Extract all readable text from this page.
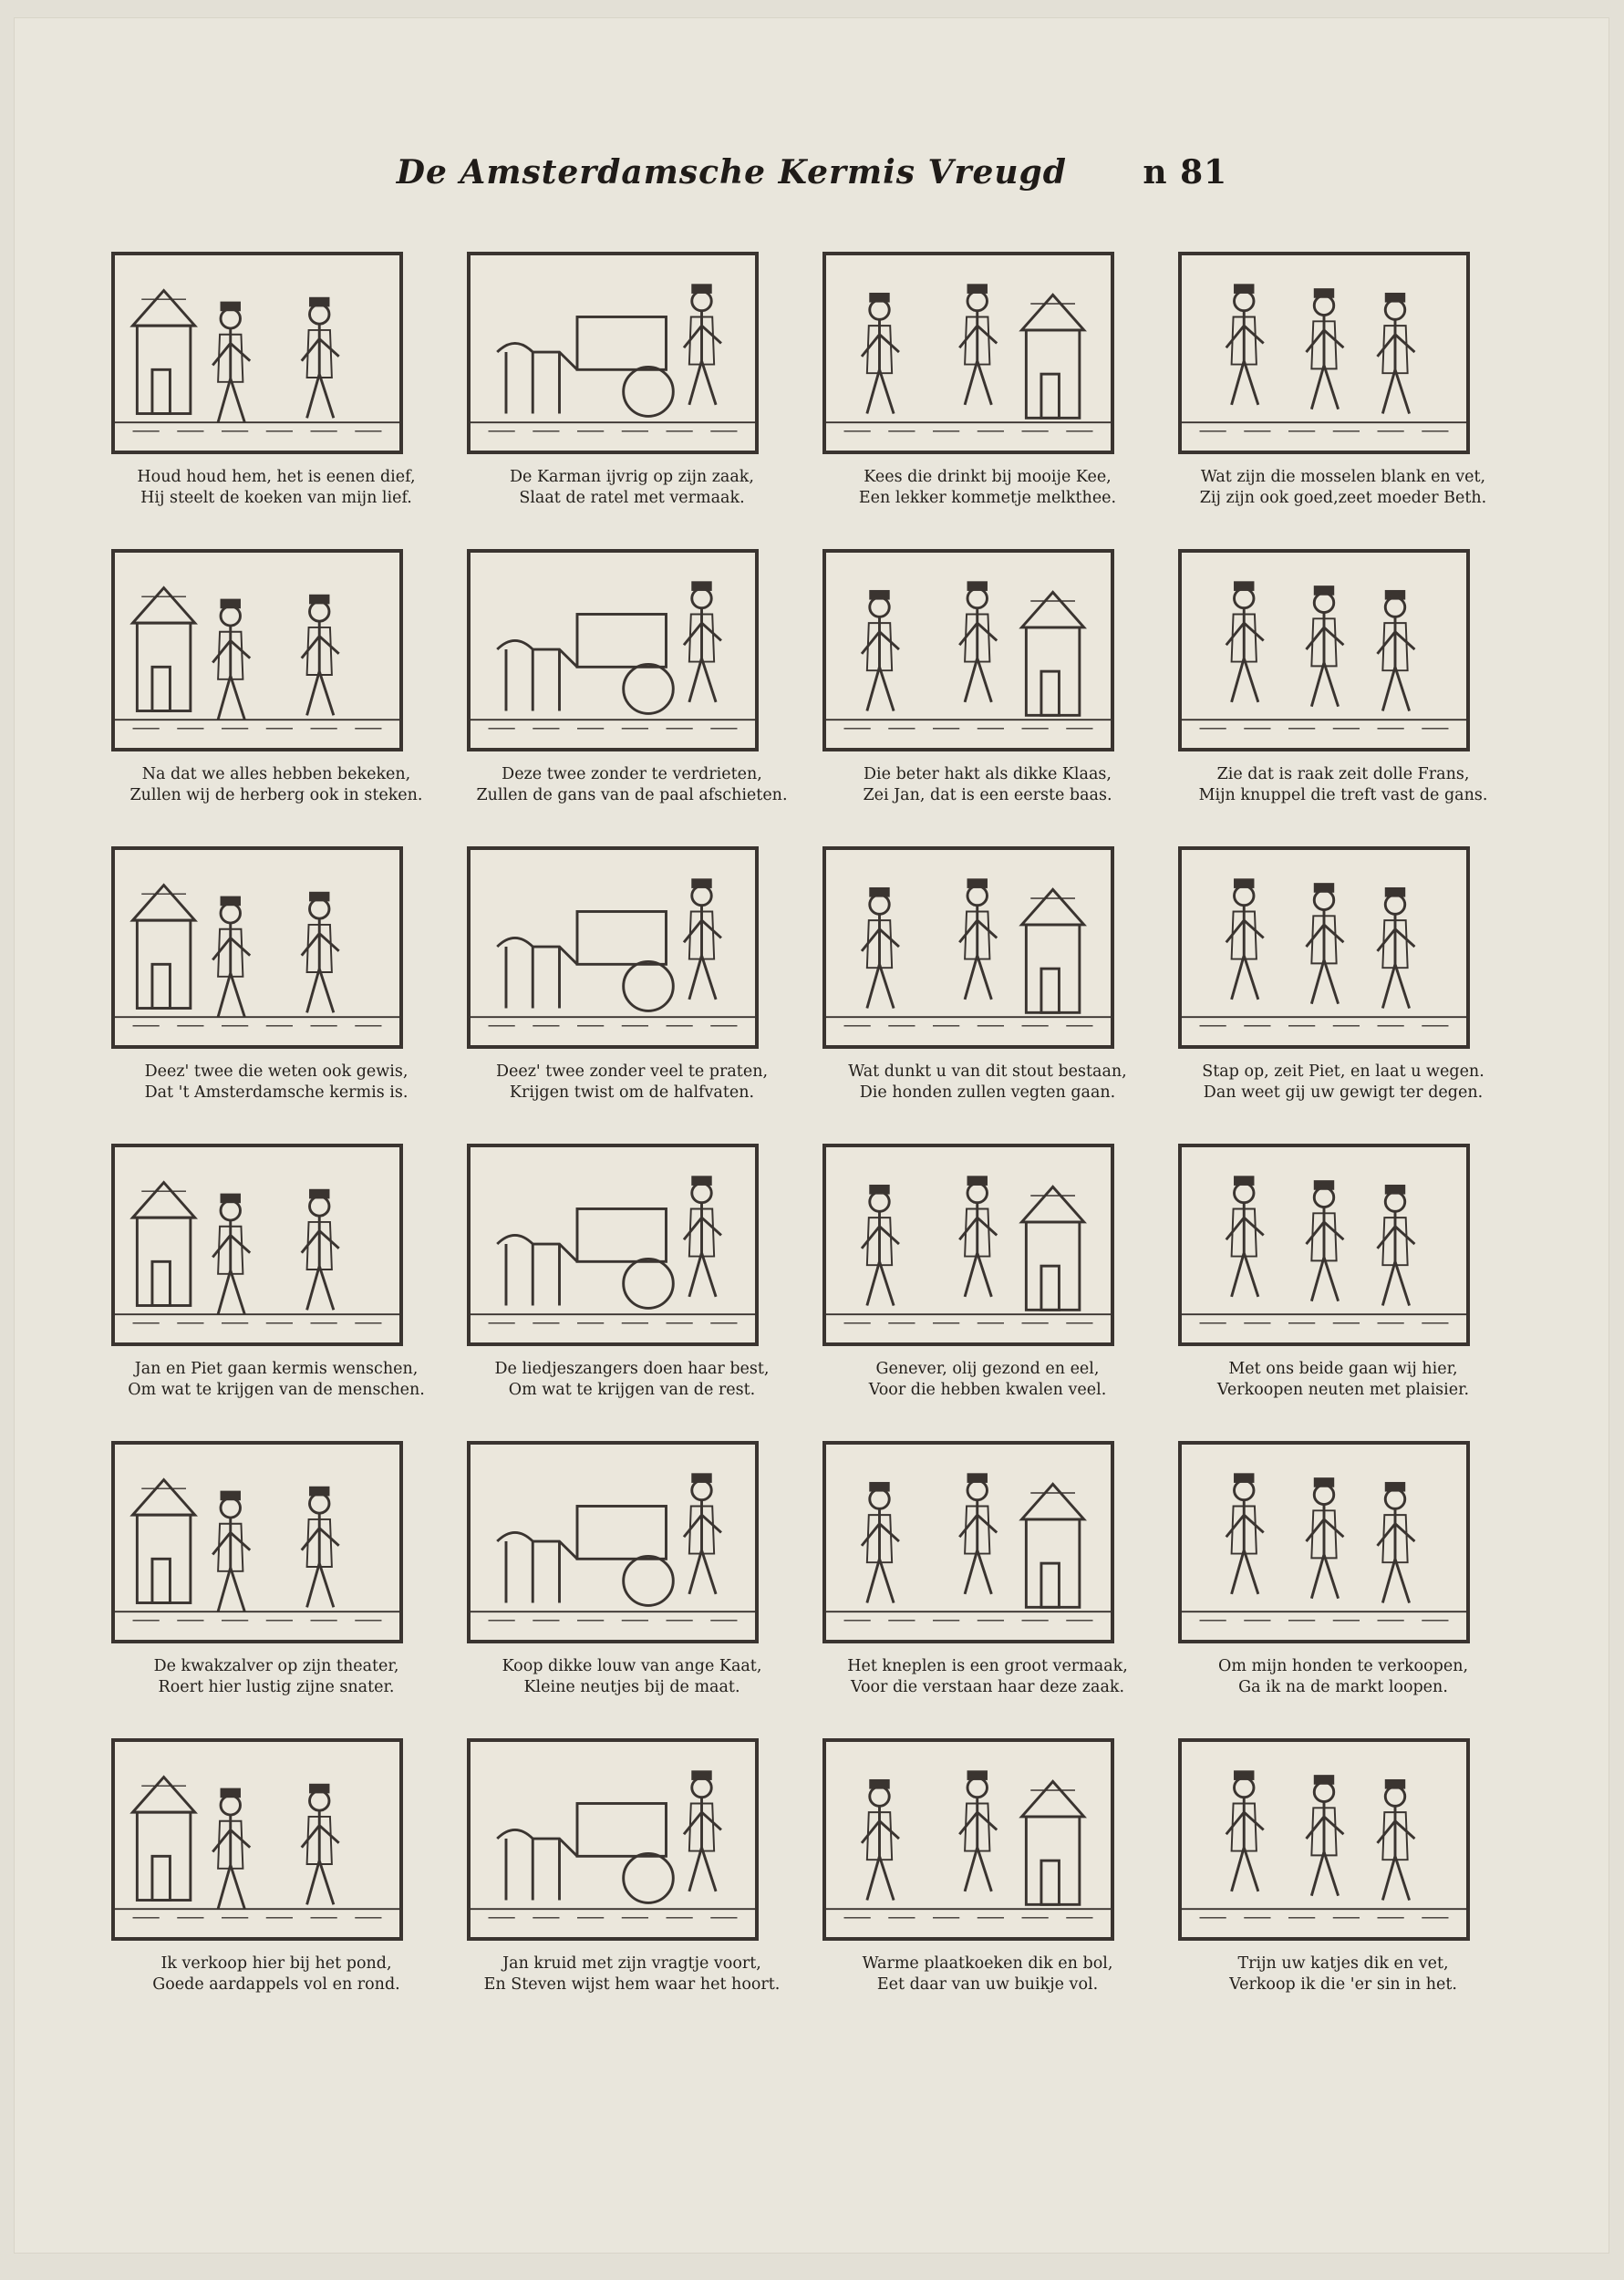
De Amsterdamsche Kermis Vreugd n 81
Houd houd hem, het is eenen dief,
Hij steelt de koeken van mijn lief.
De Karman ijvrig op zijn zaak,
Slaat de ratel met vermaak.
Kees die drinkt bij mooije Kee,
Een lekker kommetje melkthee.
Wat zijn die mosselen blank en vet,
Zij zijn ook goed,zeet moeder Beth.
Na dat we alles hebben bekeken,
Zullen wij de herberg ook in steken.
Deze twee zonder te verdrieten,
Zullen de gans van de paal afschieten.
Die beter hakt als dikke Klaas,
Zei Jan, dat is een eerste baas.
Zie dat is raak zeit dolle Frans,
Mijn knuppel die treft vast de gans.
Deez' twee die weten ook gewis,
Dat 't Amsterdamsche kermis is.
Deez' twee zonder veel te praten,
Krijgen twist om de halfvaten.
Wat dunkt u van dit stout bestaan,
Die honden zullen vegten gaan.
Stap op, zeit Piet, en laat u wegen.
Dan weet gij uw gewigt ter degen.
Jan en Piet gaan kermis wenschen,
Om wat te krijgen van de menschen.
De liedjeszangers doen haar best,
Om wat te krijgen van de rest.
Genever, olij gezond en eel,
Voor die hebben kwalen veel.
Met ons beide gaan wij hier,
Verkoopen neuten met plaisier.
De kwakzalver op zijn theater,
Roert hier lustig zijne snater.
Koop dikke louw van ange Kaat,
Kleine neutjes bij de maat.
Het kneplen is een groot vermaak,
Voor die verstaan haar deze zaak.
Om mijn honden te verkoopen,
Ga ik na de markt loopen.
Ik verkoop hier bij het pond,
Goede aardappels vol en rond.
Jan kruid met zijn vragtje voort,
En Steven wijst hem waar het hoort.
Warme plaatkoeken dik en bol,
Eet daar van uw buikje vol.
Trijn uw katjes dik en vet,
Verkoop ik die 'er sin in het.
